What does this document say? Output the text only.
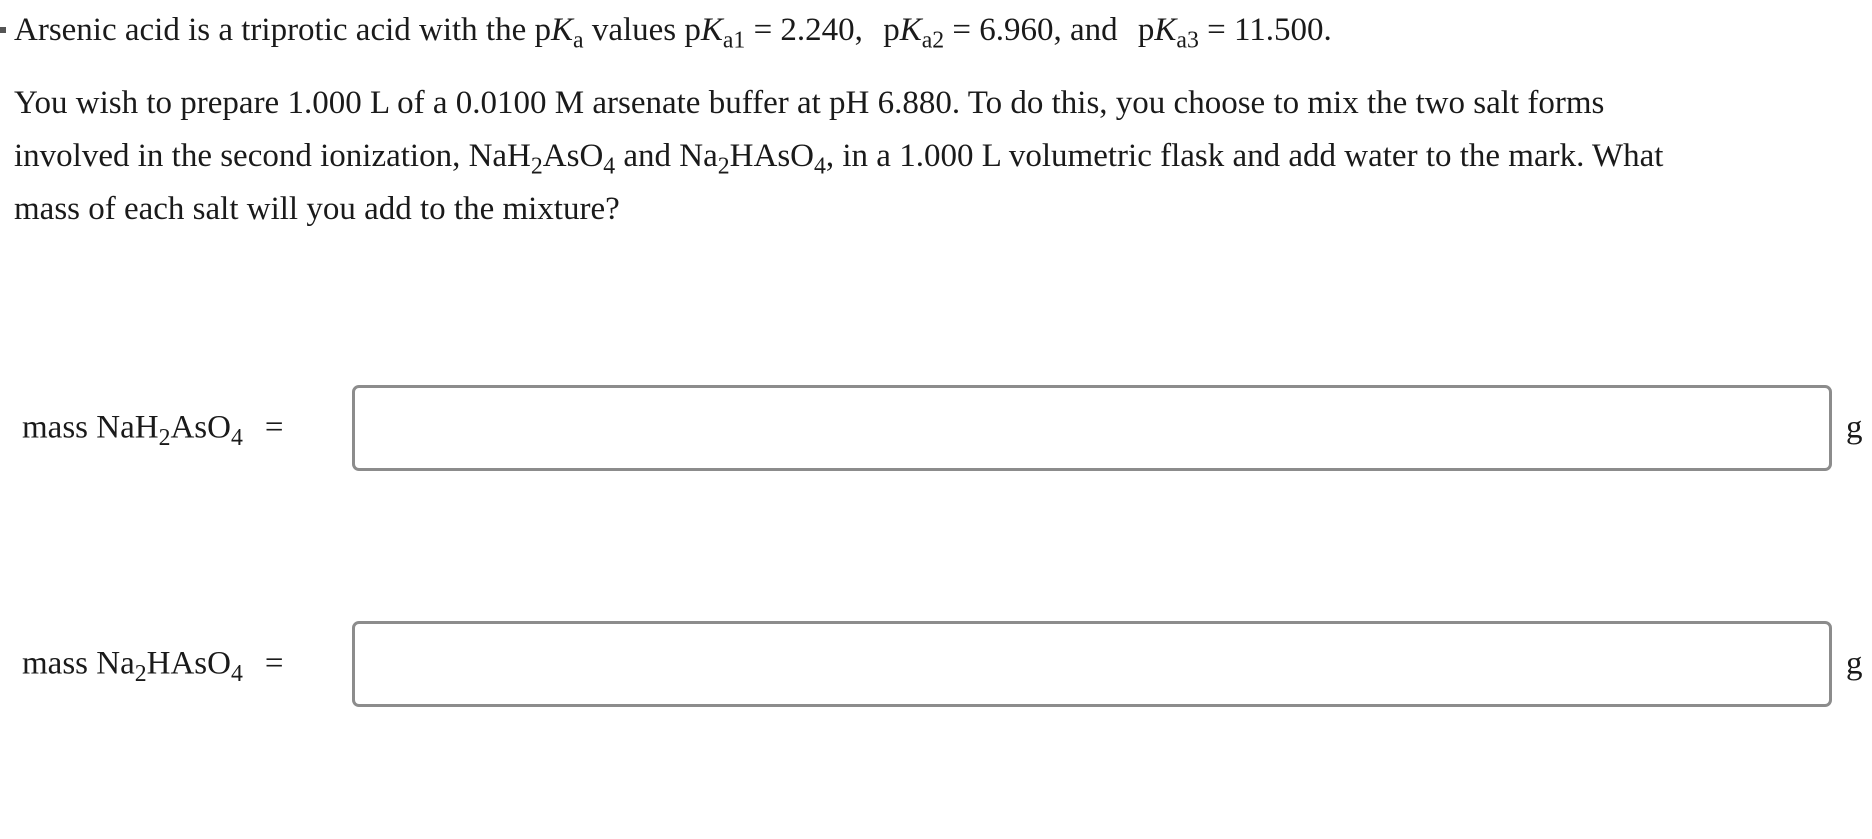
Arsenic acid is a triprotic acid with the $pK_a$ values $pK_{a1} = 2.240$, $pK_{a2} = 6.960$, and $pK_{a3} = 11.500$.
You wish to prepare 1.000 L of a 0.0100 M arsenate buffer at pH 6.880. To do this, you choose to mix the two salt forms
involved in the second ionization, NaH$_2$AsO$_4$ and $Na_2HAsO_4$, in a 1.000 L volumetric flask and add water to the mark. What
mass of each salt will you add to the mixture?
mass NaH$_2$AsO$_4$ =	g
mass $Na_2HAsO_4$ =	g
